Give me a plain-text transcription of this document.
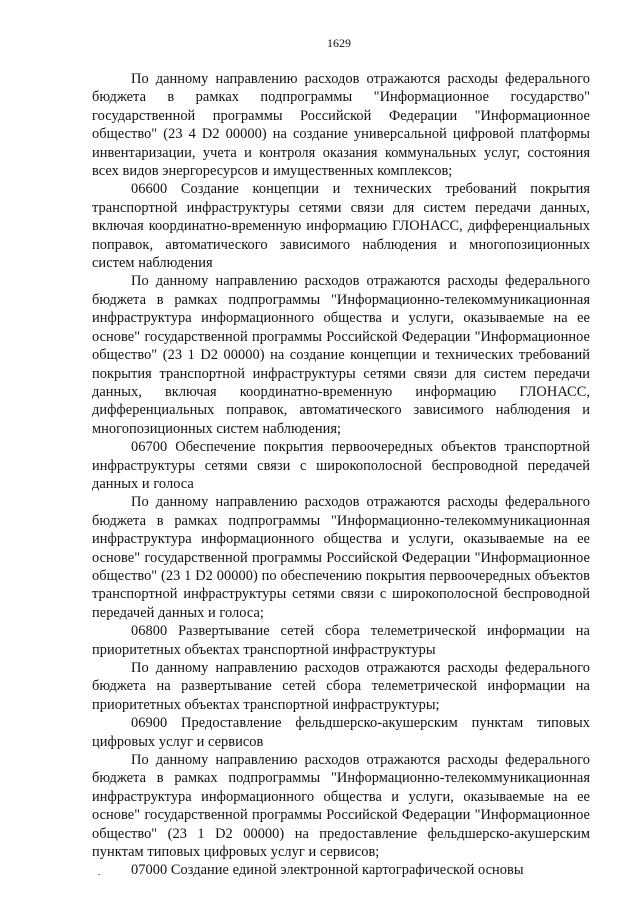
1629

По данному направлению расходов отражаются расходы федерального бюджета в рамках подпрограммы "Информационное государство" государственной программы Российской Федерации "Информационное общество" (23 4 D2 00000) на создание универсальной цифровой платформы инвентаризации, учета и контроля оказания коммунальных услуг, состояния всех видов энергоресурсов и имущественных комплексов;

06600 Создание концепции и технических требований покрытия транспортной инфраструктуры сетями связи для систем передачи данных, включая координатно-временную информацию ГЛОНАСС, дифференциальных поправок, автоматического зависимого наблюдения и многопозиционных систем наблюдения

По данному направлению расходов отражаются расходы федерального бюджета в рамках подпрограммы "Информационно-телекоммуникационная инфраструктура информационного общества и услуги, оказываемые на ее основе" государственной программы Российской Федерации "Информационное общество" (23 1 D2 00000) на создание концепции и технических требований покрытия транспортной инфраструктуры сетями связи для систем передачи данных, включая координатно-временную информацию ГЛОНАСС, дифференциальных поправок, автоматического зависимого наблюдения и многопозиционных систем наблюдения;

06700 Обеспечение покрытия первоочередных объектов транспортной инфраструктуры сетями связи с широкополосной беспроводной передачей данных и голоса

По данному направлению расходов отражаются расходы федерального бюджета в рамках подпрограммы "Информационно-телекоммуникационная инфраструктура информационного общества и услуги, оказываемые на ее основе" государственной программы Российской Федерации "Информационное общество" (23 1 D2 00000) по обеспечению покрытия первоочередных объектов транспортной инфраструктуры сетями связи с широкополосной беспроводной передачей данных и голоса;

06800 Развертывание сетей сбора телеметрической информации на приоритетных объектах транспортной инфраструктуры

По данному направлению расходов отражаются расходы федерального бюджета на развертывание сетей сбора телеметрической информации на приоритетных объектах транспортной инфраструктуры;

06900 Предоставление фельдшерско-акушерским пунктам типовых цифровых услуг и сервисов

По данному направлению расходов отражаются расходы федерального бюджета в рамках подпрограммы "Информационно-телекоммуникационная инфраструктура информационного общества и услуги, оказываемые на ее основе" государственной программы Российской Федерации "Информационное общество" (23 1 D2 00000) на предоставление фельдшерско-акушерским пунктам типовых цифровых услуг и сервисов;

07000 Создание единой электронной картографической основы
